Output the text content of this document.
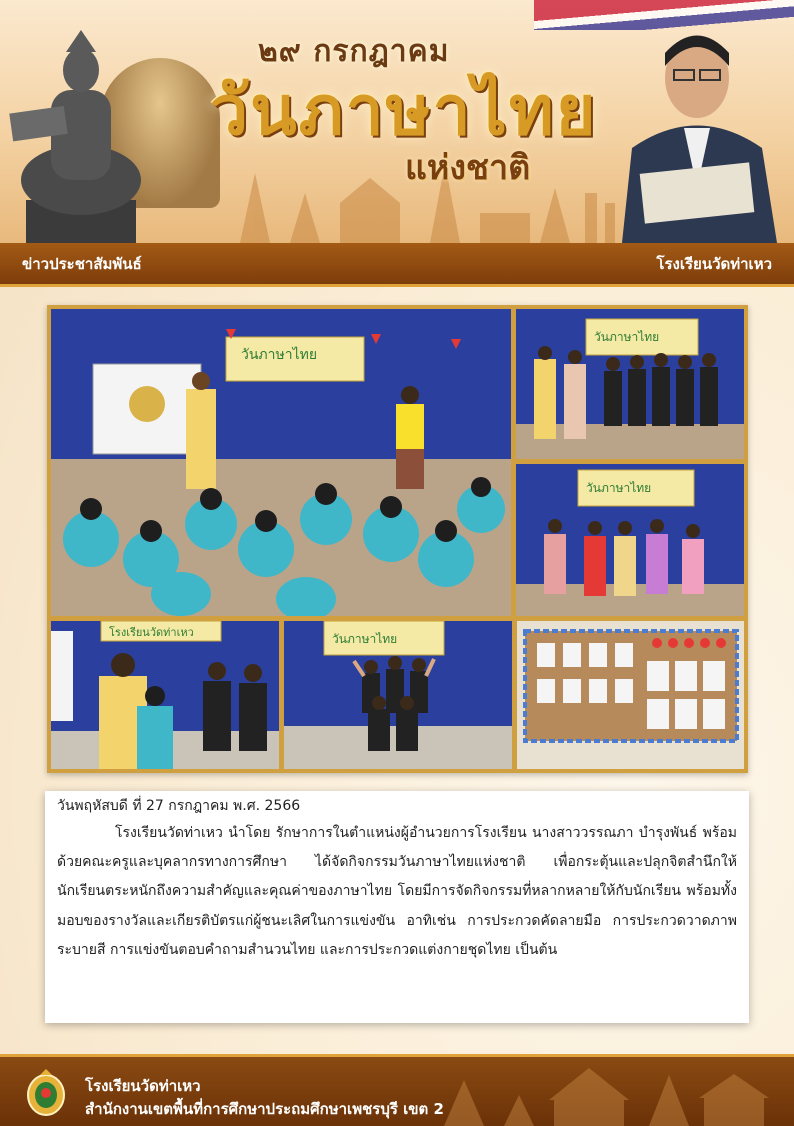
๒๙ กรกฎาคม
วันภาษาไทย
แห่งชาติ
ข่าวประชาสัมพันธ์	โรงเรียนวัดท่าเหว
วันภาษาไทย
วันภาษาไทย
วันภาษาไทย
โรงเรียนวัดท่าเหว	วันภาษาไทย

วันพฤหัสบดี ที่ 27 กรกฎาคม พ.ศ. 2566

โรงเรียนวัดท่าเหว นำโดย รักษาการในตำแหน่งผู้อำนวยการโรงเรียน นางสาววรรณภา บำรุงพันธ์ พร้อมด้วยคณะครูและบุคลากรทางการศึกษา ได้จัดกิจกรรมวันภาษาไทยแห่งชาติ เพื่อกระตุ้นและปลุกจิตสำนึกให้นักเรียนตระหนักถึงความสำคัญและคุณค่าของภาษาไทย โดยมีการจัดกิจกรรมที่หลากหลายให้กับนักเรียน พร้อมทั้งมอบของรางวัลและเกียรติบัตรแก่ผู้ชนะเลิศในการแข่งขัน อาทิเช่น การประกวดคัดลายมือ การประกวดวาดภาพระบายสี การแข่งขันตอบคำถามสำนวนไทย และการประกวดแต่งกายชุดไทย เป็นต้น

โรงเรียนวัดท่าเหว
สำนักงานเขตพื้นที่การศึกษาประถมศึกษาเพชรบุรี เขต 2
